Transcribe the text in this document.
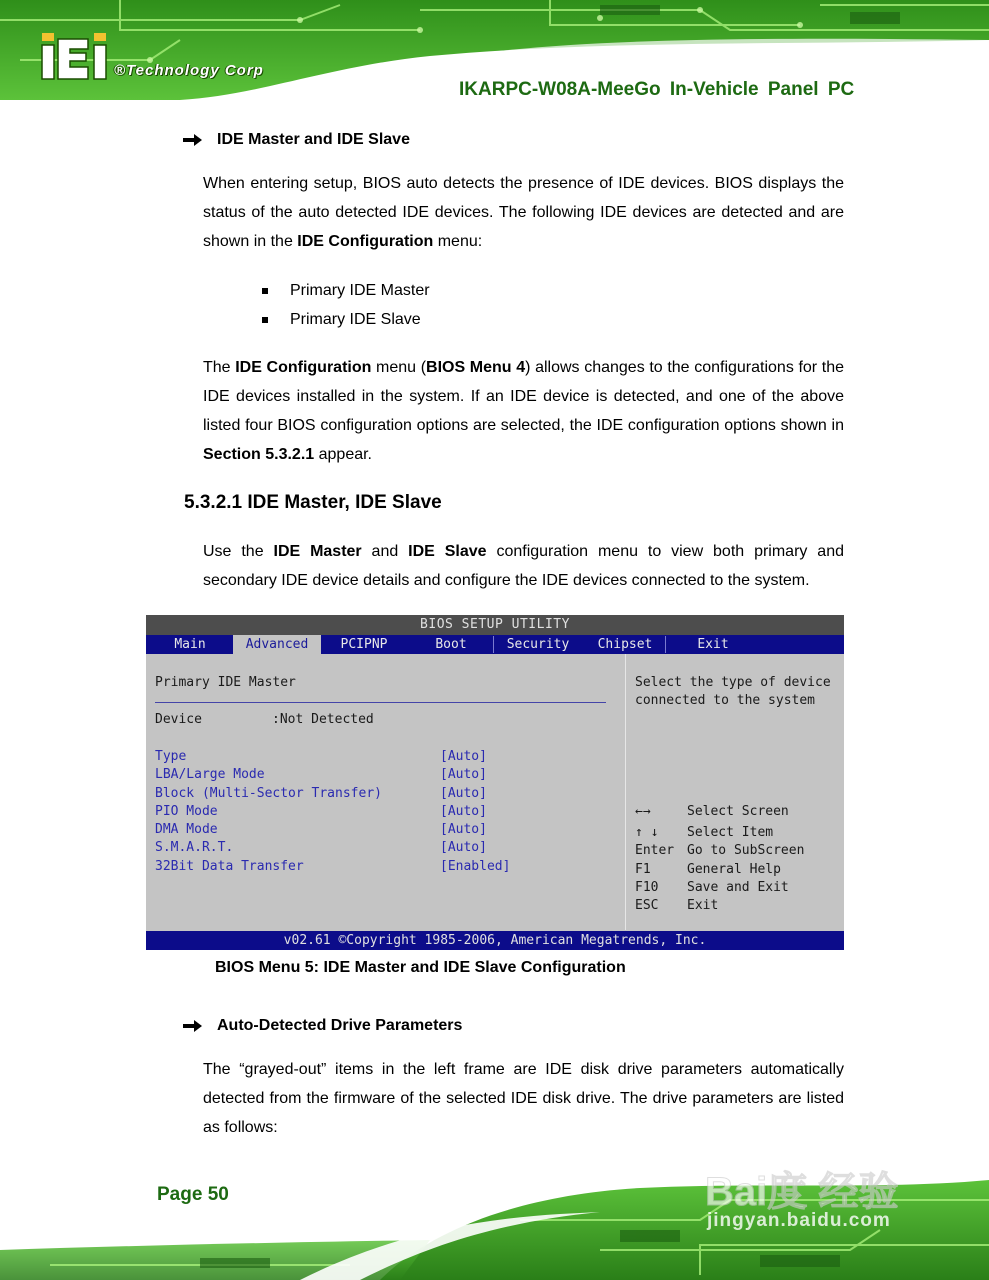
®Technology Corp
IKARPC-W08A-MeeGo In-Vehicle Panel PC
IDE Master and IDE Slave
When entering setup, BIOS auto detects the presence of IDE devices. BIOS displays the status of the auto detected IDE devices. The following IDE devices are detected and are shown in the IDE Configuration menu:
Primary IDE Master
Primary IDE Slave
The IDE Configuration menu (BIOS Menu 4) allows changes to the configurations for the IDE devices installed in the system. If an IDE device is detected, and one of the above listed four BIOS configuration options are selected, the IDE configuration options shown in Section 5.3.2.1 appear.
5.3.2.1 IDE Master, IDE Slave
Use the IDE Master and IDE Slave configuration menu to view both primary and secondary IDE device details and configure the IDE devices connected to the system.
BIOS SETUP UTILITY
Main	Advanced	PCIPNP	Boot	Security	Chipset	Exit
Primary IDE Master
Device	:Not Detected
Type	[Auto]
LBA/Large Mode	[Auto]
Block (Multi-Sector Transfer)	[Auto]
PIO Mode	[Auto]
DMA Mode	[Auto]
S.M.A.R.T.	[Auto]
32Bit Data Transfer	[Enabled]
Select the type of device
connected to the system
←→	Select Screen
↑ ↓ Select Item
Enter Go to SubScreen
F1	General Help
F10 Save and Exit
ESC Exit
v02.61 ©Copyright 1985-2006, American Megatrends, Inc.
BIOS Menu 5: IDE Master and IDE Slave Configuration
Auto-Detected Drive Parameters
The “grayed-out” items in the left frame are IDE disk drive parameters automatically detected from the firmware of the selected IDE disk drive. The drive parameters are listed as follows:
Page 50	Bai度 经验
jingyan.baidu.com
